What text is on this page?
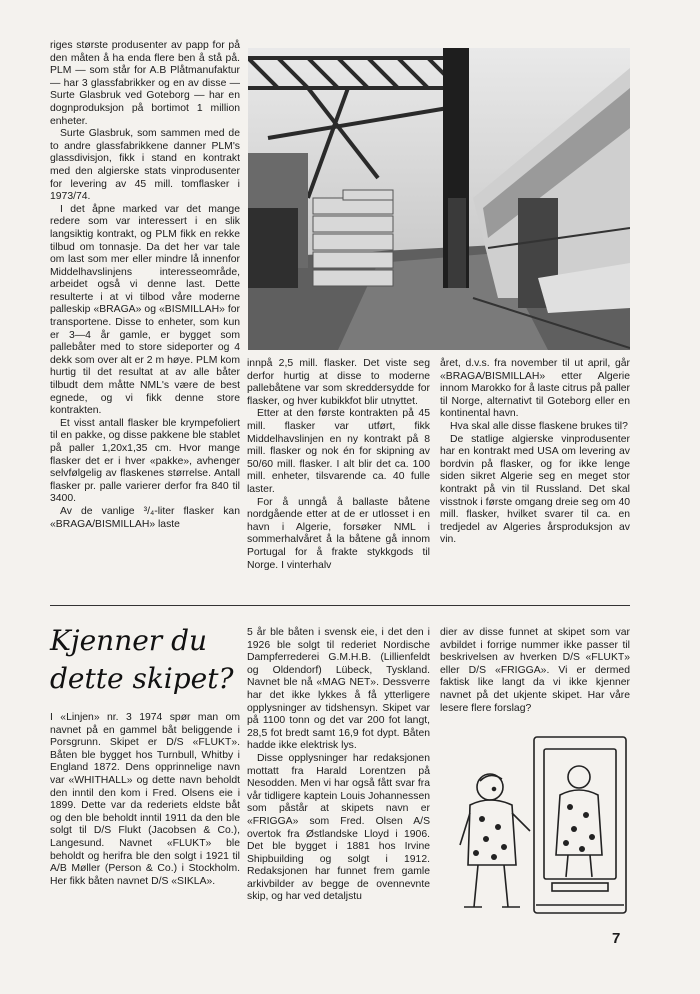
riges største produsenter av papp for på den måten å ha enda flere ben å stå på. PLM — som står for A.B Plåtmanufaktur — har 3 glassfabrikker og en av disse — Surte Glasbruk ved Goteborg — har en dognproduksjon på bortimot 1 million enheter.

Surte Glasbruk, som sammen med de to andre glassfabrikkene danner PLM's glassdivisjon, fikk i stand en kontrakt med den algierske stats vinprodusenter for levering av 45 mill. tomflasker i 1973/74.

I det åpne marked var det mange redere som var interessert i en slik langsiktig kontrakt, og PLM fikk en rekke tilbud om tonnasje. Da det her var tale om last som mer eller mindre lå innenfor Middelhavslinjens interesseområde, arbeidet også vi denne last. Dette resulterte i at vi tilbod våre moderne palleskip «BRAGA» og «BISMILLAH» for transportene. Disse to enheter, som kun er 3—4 år gamle, er bygget som pallebåter med to store sideporter og 4 dekk som over alt er 2 m høye. PLM kom hurtig til det resultat at av alle båter tilbudt dem måtte NML's være de best egnede, og vi fikk denne store kontrakten.

Et visst antall flasker ble krympefoliert til en pakke, og disse pakkene ble stablet på paller 1,20x1,35 cm. Hvor mange flasker det er i hver «pakke», avhenger selvfølgelig av flaskenes størrelse. Antall flasker pr. palle varierer derfor fra 840 til 3400.

Av de vanlige ³/₄-liter flasker kan «BRAGA/BISMILLAH» laste

innpå 2,5 mill. flasker. Det viste seg derfor hurtig at disse to moderne pallebåtene var som skreddersydde for flasker, og hver kubikkfot blir utnyttet.

Etter at den første kontrakten på 45 mill. flasker var utført, fikk Middelhavslinjen en ny kontrakt på 8 mill. flasker og nok én for skipning av 50/60 mill. flasker. I alt blir det ca. 100 mill. enheter, tilsvarende ca. 40 fulle laster.

For å unngå å ballaste båtene nordgående etter at de er utlosset i en havn i Algerie, forsøker NML i sommerhalvåret å la båtene gå innom Portugal for å frakte stykkgods til Norge. I vinterhalv

året, d.v.s. fra november til ut april, går «BRAGA/BISMILLAH» etter Algerie innom Marokko for å laste citrus på paller til Norge, alternativt til Goteborg eller en kontinental havn.

Hva skal alle disse flaskene brukes til?

De statlige algierske vinprodusenter har en kontrakt med USA om levering av bordvin på flasker, og for ikke lenge siden sikret Algerie seg en meget stor kontrakt på vin til Russland. Det skal visstnok i første omgang dreie seg om 40 mill. flasker, hvilket svarer til ca. en tredjedel av Algeries årsproduksjon av vin.

Kjenner du
dette skipet?

I «Linjen» nr. 3 1974 spør man om navnet på en gammel båt beliggende i Porsgrunn. Skipet er D/S «FLUKT». Båten ble bygget hos Turnbull, Whitby i England 1872. Dens opprinnelige navn var «WHITHALL» og dette navn beholdt den inntil den kom i Fred. Olsens eie i 1899. Dette var da rederiets eldste båt og den ble beholdt inntil 1911 da den ble solgt til D/S Flukt (Jacobsen & Co.), Langesund. Navnet «FLUKT» ble beholdt og herifra ble den solgt i 1921 til A/B Møller (Person & Co.) i Stockholm. Her fikk båten navnet D/S «SIKLA».

5 år ble båten i svensk eie, i det den i 1926 ble solgt til rederiet Nordische Dampferrederei G.M.H.B. (Lillienfeldt og Oldendorf) Lübeck, Tyskland. Navnet ble nå «MAG NET». Dessverre har det ikke lykkes å få ytterligere opplysninger av tidshensyn. Skipet var på 1100 tonn og det var 200 fot langt, 28,5 fot bredt samt 16,9 fot dypt. Båten hadde ikke elektrisk lys.

Disse opplysninger har redaksjonen mottatt fra Harald Lorentzen på Nesodden. Men vi har også fått svar fra vår tidligere kaptein Louis Johannessen som påstår at skipets navn er «FRIGGA» som Fred. Olsen A/S overtok fra Østlandske Lloyd i 1906. Det ble bygget i 1881 hos Irvine Shipbuilding og solgt i 1912. Redaksjonen har funnet frem gamle arkivbilder av begge de ovennevnte skip, og har ved detaljstu

dier av disse funnet at skipet som var avbildet i forrige nummer ikke passer til beskrivelsen av hverken D/S «FLUKT» eller D/S «FRIGGA». Vi er dermed faktisk like langt da vi ikke kjenner navnet på det ukjente skipet. Har våre lesere flere forslag?

7
